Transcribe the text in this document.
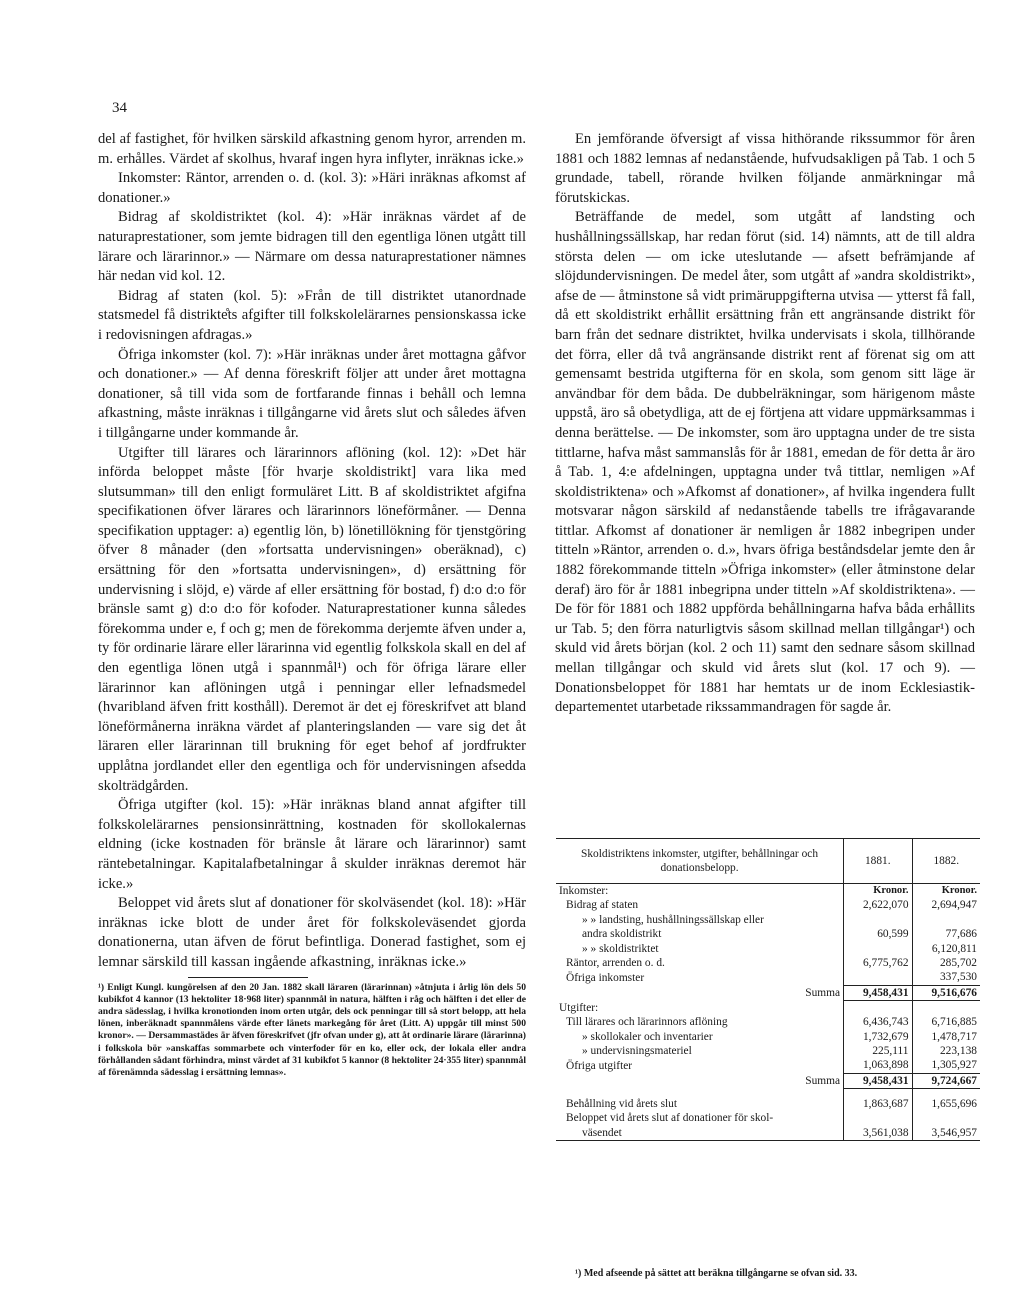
34

del af fastighet, för hvilken särskild afkastning genom hyror, arrenden m. m. erhålles. Värdet af skolhus, hvaraf ingen hyra inflyter, inräknas icke.»

Inkomster: Räntor, arrenden o. d. (kol. 3): »Häri inräknas afkomst af donationer.»

Bidrag af skoldistriktet (kol. 4): »Här inräknas värdet af de naturaprestationer, som jemte bidragen till den egentliga lönen utgått till lärare och lärarinnor.» — Närmare om dessa naturaprestationer nämnes här nedan vid kol. 12.

Bidrag af staten (kol. 5): »Från de till distriktet utanordnade statsmedel få distrikte̊ts afgifter till folkskolelärarnes pensionskassa icke i redovisningen afdragas.»

Öfriga inkomster (kol. 7): »Här inräknas under året mottagna gåfvor och donationer.» — Af denna föreskrift följer att under året mottagna donationer, så till vida som de fortfarande finnas i behåll och lemna afkastning, måste inräknas i tillgångarne vid årets slut och således äfven i tillgångarne under kommande år.

Utgifter till lärares och lärarinnors aflöning (kol. 12): »Det här införda beloppet måste [för hvarje skoldistrikt] vara lika med slutsumman» till den enligt formuläret Litt. B af skoldistriktet afgifna specifikationen öfver lärares och lärarinnors löneförmåner. — Denna specifikation upptager: a) egentlig lön, b) lönetillökning för tjenstgöring öfver 8 månader (den »fortsatta undervisningen» oberäknad), c) ersättning för den »fortsatta undervisningen», d) ersättning för undervisning i slöjd, e) värde af eller ersättning för bostad, f) d:o d:o för bränsle samt g) d:o d:o för kofoder. Naturaprestationer kunna således förekomma under e, f och g; men de förekomma derjemte äfven under a, ty för ordinarie lärare eller lärarinna vid egentlig folkskola skall en del af den egentliga lönen utgå i spannmål¹) och för öfriga lärare eller lärarinnor kan aflöningen utgå i penningar eller lefnadsmedel (hvaribland äfven fritt kosthåll). Deremot är det ej föreskrifvet att bland löneförmånerna inräkna värdet af planteringslanden — vare sig det åt läraren eller lärarinnan till brukning för eget behof af jordfrukter upplåtna jordlandet eller den egentliga och för undervisningen afsedda skolträdgården.

Öfriga utgifter (kol. 15): »Här inräknas bland annat afgifter till folkskolelärarnes pensionsinrättning, kostnaden för skollokalernas eldning (icke kostnaden för bränsle åt lärare och lärarinnor) samt räntebetalningar. Kapitalafbetalningar å skulder inräknas deremot här icke.»

Beloppet vid årets slut af donationer för skolväsendet (kol. 18): »Här inräknas icke blott de under året för folkskoleväsendet gjorda donationerna, utan äfven de förut befintliga. Donerad fastighet, som ej lemnar särskild till kassan ingående afkastning, inräknas icke.»

¹) Enligt Kungl. kungörelsen af den 20 Jan. 1882 skall läraren (lärarinnan) »åtnjuta i årlig lön dels 50 kubikfot 4 kannor (13 hektoliter 18·968 liter) spannmål in natura, hälften i råg och hälften i det eller de andra sädesslag, i hvilka kronotionden inom orten utgår, dels ock penningar till så stort belopp, att hela lönen, inberäknadt spannmålens värde efter länets markegång för året (Litt. A) uppgår till minst 500 kronor». — Dersammastädes är äfven föreskrifvet (jfr ofvan under g), att åt ordinarie lärare (lärarinna) i folkskola bör »anskaffas sommarbete och vinterfoder för en ko, eller ock, der lokala eller andra förhållanden sådant förhindra, minst värdet af 31 kubikfot 5 kannor (8 hektoliter 24·355 liter) spannmål af förenämnda sädesslag i ersättning lemnas».

En jemförande öfversigt af vissa hithörande rikssummor för åren 1881 och 1882 lemnas af nedanstående, hufvudsakligen på Tab. 1 och 5 grundade, tabell, rörande hvilken följande anmärkningar må förutskickas.

Beträffande de medel, som utgått af landsting och hushållningssällskap, har redan förut (sid. 14) nämnts, att de till aldra största delen — om icke uteslutande — afsett befrämjande af slöjdundervisningen. De medel åter, som utgått af »andra skoldistrikt», afse de — åtminstone så vidt primäruppgifterna utvisa — ytterst få fall, då ett skoldistrikt erhållit ersättning från ett angränsande distrikt för barn från det sednare distriktet, hvilka undervisats i skola, tillhörande det förra, eller då två angränsande distrikt rent af förenat sig om att gemensamt bestrida utgifterna för en skola, som genom sitt läge är användbar för dem båda. De dubbelräkningar, som härigenom måste uppstå, äro så obetydliga, att de ej förtjena att vidare uppmärksammas i denna berättelse. — De inkomster, som äro upptagna under de tre sista tittlarne, hafva måst sammanslås för år 1881, emedan de för detta år äro å Tab. 1, 4:e afdelningen, upptagna under två tittlar, nemligen »Af skoldistriktena» och »Afkomst af donationer», af hvilka ingendera fullt motsvarar någon särskild af nedanstående tabells tre ifrågavarande tittlar. Afkomst af donationer är nemligen år 1882 inbegripen under titteln »Räntor, arrenden o. d.», hvars öfriga beståndsdelar jemte den år 1882 förekommande titteln »Öfriga inkomster» (eller åtminstone delar deraf) äro för år 1881 inbegripna under titteln »Af skoldistriktena». — De för för 1881 och 1882 uppförda behållningarna hafva båda erhållits ur Tab. 5; den förra naturligtvis såsom skillnad mellan tillgångar¹) och skuld vid årets början (kol. 2 och 11) samt den sednare såsom skillnad mellan tillgångar och skuld vid årets slut (kol. 17 och 9). — Donationsbeloppet för 1881 har hemtats ur de inom Ecklesiastik-departementet utarbetade rikssammandragen för sagde år.

Skoldistriktens inkomster, utgifter, behållningar och donationsbelopp.	1881.	1882.
Inkomster:	Kronor.	Kronor.
Bidrag af staten	2,622,070	2,694,947
» » landsting, hushållningssällskap eller		
andra skoldistrikt	60,599	77,686
» » skoldistriktet		6,120,811
Räntor, arrenden o. d.	6,775,762	285,702
Öfriga inkomster		337,530
Summa	9,458,431	9,516,676
Utgifter:		
Till lärares och lärarinnors aflöning	6,436,743	6,716,885
» skollokaler och inventarier	1,732,679	1,478,717
» undervisningsmateriel	225,111	223,138
Öfriga utgifter	1,063,898	1,305,927
Summa	9,458,431	9,724,667
Behållning vid årets slut	1,863,687	1,655,696
Beloppet vid årets slut af donationer för skol-		
väsendet	3,561,038	3,546,957
¹) Med afseende på sättet att beräkna tillgångarne se ofvan sid. 33.
